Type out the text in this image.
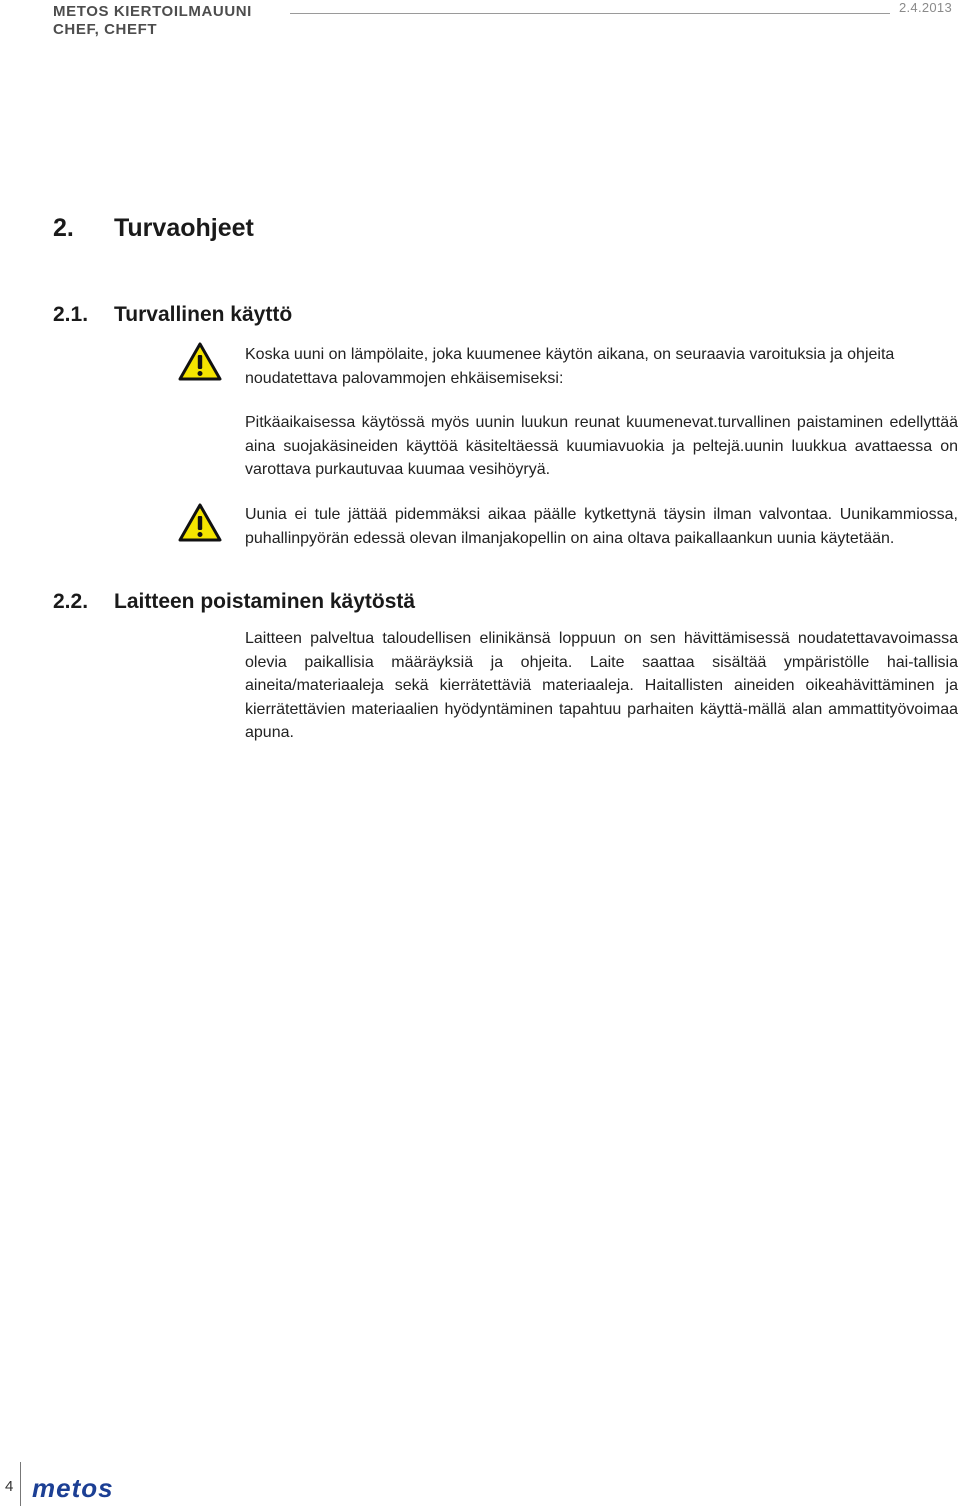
METOS KIERTOILMAUUNI
CHEF, CHEFT
2.4.2013
2. Turvaohjeet
2.1. Turvallinen käyttö

Koska uuni on lämpölaite, joka kuumenee käytön aikana, on seuraavia varoituksia ja ohjeita noudatettava palovammojen ehkäisemiseksi:

Pitkäaikaisessa käytössä myös uunin luukun reunat kuumenevat.turvallinen paistaminen edellyttää aina suojakäsineiden käyttöä käsiteltäessä kuumiavuokia ja peltejä.uunin luukkua avattaessa on varottava purkautuvaa kuumaa vesihöyryä.

Uunia ei tule jättää pidemmäksi aikaa päälle kytkettynä täysin ilman valvontaa. Uunikammiossa, puhallinpyörän edessä olevan ilmanjakopellin on aina oltava paikallaankun uunia käytetään.

2.2. Laitteen poistaminen käytöstä

Laitteen palveltua taloudellisen elinikänsä loppuun on sen hävittämisessä noudatettavavoimassa olevia paikallisia määräyksiä ja ohjeita. Laite saattaa sisältää ympäristölle hai-tallisia aineita/materiaaleja sekä kierrätettäviä materiaaleja. Haitallisten aineiden oikeahävittäminen ja kierrätettävien materiaalien hyödyntäminen tapahtuu parhaiten käyttä-mällä alan ammattityövoimaa apuna.

4 metos
